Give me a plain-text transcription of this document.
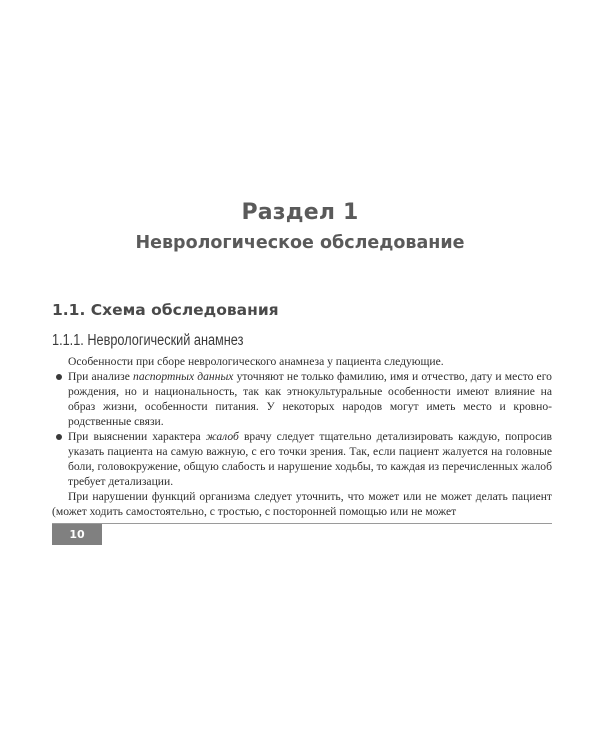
Раздел 1
Неврологическое обследование
1.1. Схема обследования
1.1.1. Неврологический анамнез

Особенности при сборе неврологического анамнеза у пациента следующие.

При анализе паспортных данных уточняют не только фамилию, имя и отчество, дату и место его рождения, но и национальность, так как этнокультуральные особенности имеют влияние на образ жизни, особенности питания. У некоторых народов могут иметь место и кровно-родственные связи.
При выяснении характера жалоб врачу следует тщательно детализировать каждую, попросив указать пациента на самую важную, с его точки зрения. Так, если пациент жалуется на головные боли, головокружение, общую слабость и нарушение ходьбы, то каждая из перечисленных жалоб требует детализации.

При нарушении функций организма следует уточнить, что может или не может делать пациент (может ходить самостоятельно, с тростью, с посторонней помощью или не может

10
